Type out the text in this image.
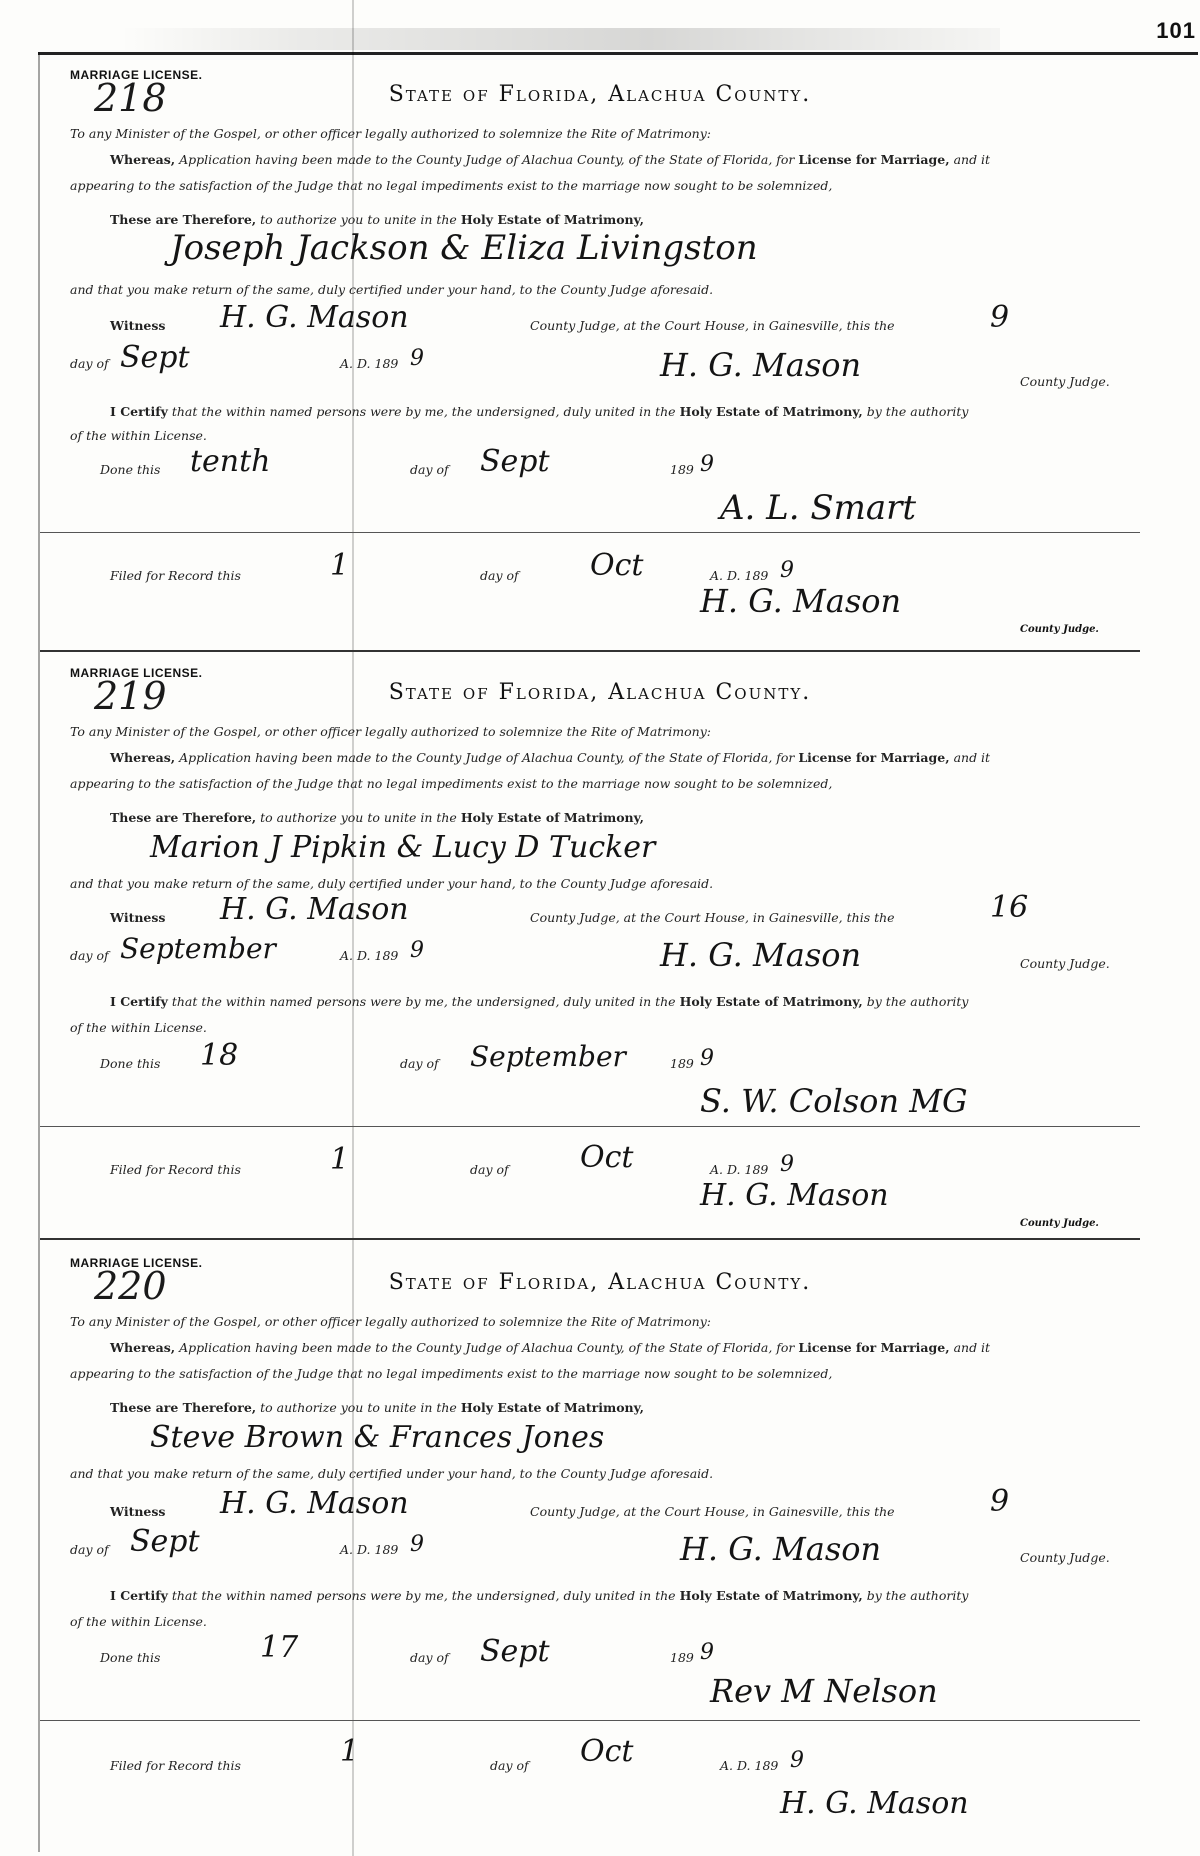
101
MARRIAGE LICENSE.
218	State of Florida, Alachua County.
To any Minister of the Gospel, or other officer legally authorized to solemnize the Rite of Matrimony:
Whereas, Application having been made to the County Judge of Alachua County, of the State of Florida, for License for Marriage, and it
appearing to the satisfaction of the Judge that no legal impediments exist to the marriage now sought to be solemnized,
These are Therefore, to authorize you to unite in the Holy Estate of Matrimony,
Joseph Jackson & Eliza Livingston
and that you make return of the same, duly certified under your hand, to the County Judge aforesaid.
Witness H. G. Mason	County Judge, at the Court House, in Gainesville, this the	9
day of Sept	A. D. 189 9	H. G. Mason	County Judge.
I Certify that the within named persons were by me, the undersigned, duly united in the Holy Estate of Matrimony, by the authority
of the within License.
Done this tenth	day of Sept	189 9
A. L. Smart
Filed for Record this	1	day of Oct	A. D. 189 9
H. G. Mason
County Judge.
MARRIAGE LICENSE.
219	State of Florida, Alachua County.
To any Minister of the Gospel, or other officer legally authorized to solemnize the Rite of Matrimony:
Whereas, Application having been made to the County Judge of Alachua County, of the State of Florida, for License for Marriage, and it
appearing to the satisfaction of the Judge that no legal impediments exist to the marriage now sought to be solemnized,
These are Therefore, to authorize you to unite in the Holy Estate of Matrimony,
Marion J Pipkin & Lucy D Tucker
and that you make return of the same, duly certified under your hand, to the County Judge aforesaid.
Witness H. G. Mason	County Judge, at the Court House, in Gainesville, this the	16
day of September	A. D. 189 9	H. G. Mason	County Judge.
I Certify that the within named persons were by me, the undersigned, duly united in the Holy Estate of Matrimony, by the authority
of the within License.
Done this 18	day of September	189 9
S. W. Colson MG
Filed for Record this	1	day of Oct	A. D. 189 9
H. G. Mason
County Judge.
MARRIAGE LICENSE.
220	State of Florida, Alachua County.
To any Minister of the Gospel, or other officer legally authorized to solemnize the Rite of Matrimony:
Whereas, Application having been made to the County Judge of Alachua County, of the State of Florida, for License for Marriage, and it
appearing to the satisfaction of the Judge that no legal impediments exist to the marriage now sought to be solemnized,
These are Therefore, to authorize you to unite in the Holy Estate of Matrimony,
Steve Brown & Frances Jones
and that you make return of the same, duly certified under your hand, to the County Judge aforesaid.
Witness H. G. Mason	County Judge, at the Court House, in Gainesville, this the	9
day of Sept	A. D. 189 9	H. G. Mason	County Judge.
I Certify that the within named persons were by me, the undersigned, duly united in the Holy Estate of Matrimony, by the authority
of the within License.
Done this	17	day of Sept	189 9
Rev M Nelson
Filed for Record this	1	day of Oct	A. D. 189 9
H. G. Mason
